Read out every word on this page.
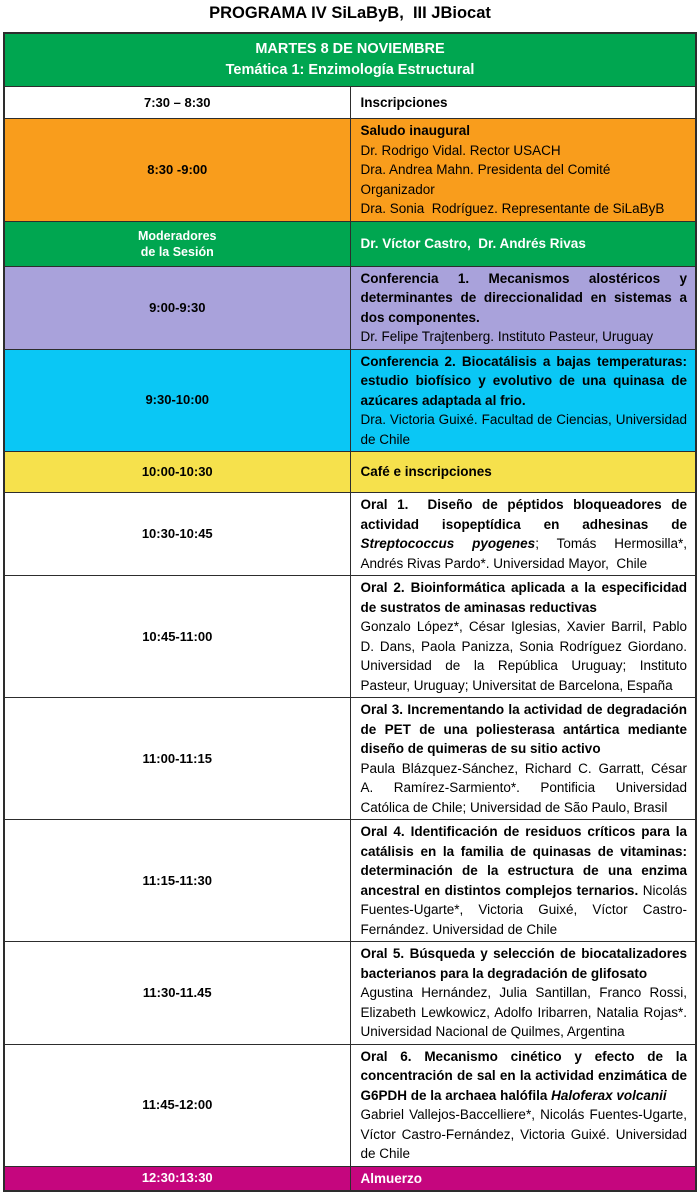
PROGRAMA IV SiLaByB,  III JBiocat
MARTES 8 DE NOVIEMBRE
Temática 1: Enzimología Estructural	

7:30 – 8:30	Inscripciones

8:30 -9:00	Saludo inaugural
Dr. Rodrigo Vidal. Rector USACH
Dra. Andrea Mahn. Presidenta del Comité Organizador
Dra. Sonia  Rodríguez. Representante de SiLaByB

Moderadores
de la Sesión	Dr. Víctor Castro,  Dr. Andrés Rivas

9:00-9:30	Conferencia 1. Mecanismos alostéricos y determinantes de direccionalidad en sistemas a dos componentes.
Dr. Felipe Trajtenberg. Instituto Pasteur, Uruguay

9:30-10:00	Conferencia 2. Biocatálisis a bajas temperaturas: estudio biofísico y evolutivo de una quinasa de azúcares adaptada al frio.
Dra. Victoria Guixé. Facultad de Ciencias, Universidad de Chile

10:00-10:30	Café e inscripciones

10:30-10:45	Oral 1.  Diseño de péptidos bloqueadores de actividad isopeptídica en adhesinas de Streptococcus pyogenes; Tomás Hermosilla*,  Andrés Rivas Pardo*. Universidad Mayor,  Chile

10:45-11:00	Oral 2. Bioinformática aplicada a la especificidad de sustratos de aminasas reductivas
Gonzalo López*, César Iglesias, Xavier Barril, Pablo D. Dans, Paola Panizza, Sonia Rodríguez Giordano. Universidad de la República Uruguay; Instituto Pasteur, Uruguay; Universitat de Barcelona, España

11:00-11:15	Oral 3. Incrementando la actividad de degradación de PET de una poliesterasa antártica mediante diseño de quimeras de su sitio activo
Paula Blázquez-Sánchez, Richard C. Garratt, César A. Ramírez-Sarmiento*. Pontificia Universidad Católica de Chile; Universidad de São Paulo, Brasil

11:15-11:30	Oral 4. Identificación de residuos críticos para la catálisis en la familia de quinasas de vitaminas: determinación de la estructura de una enzima ancestral en distintos complejos ternarios. Nicolás Fuentes-Ugarte*, Victoria Guixé, Víctor Castro-Fernández. Universidad de Chile

11:30-11.45	Oral 5. Búsqueda y selección de biocatalizadores bacterianos para la degradación de glifosato
Agustina Hernández, Julia Santillan, Franco Rossi, Elizabeth Lewkowicz, Adolfo Iribarren, Natalia Rojas*. Universidad Nacional de Quilmes, Argentina

11:45-12:00	Oral 6. Mecanismo cinético y efecto de la concentración de sal en la actividad enzimática de G6PDH de la archaea halófila Haloferax volcanii
Gabriel Vallejos-Baccelliere*, Nicolás Fuentes-Ugarte, Víctor Castro-Fernández, Victoria Guixé. Universidad de Chile

12:30:13:30	Almuerzo
